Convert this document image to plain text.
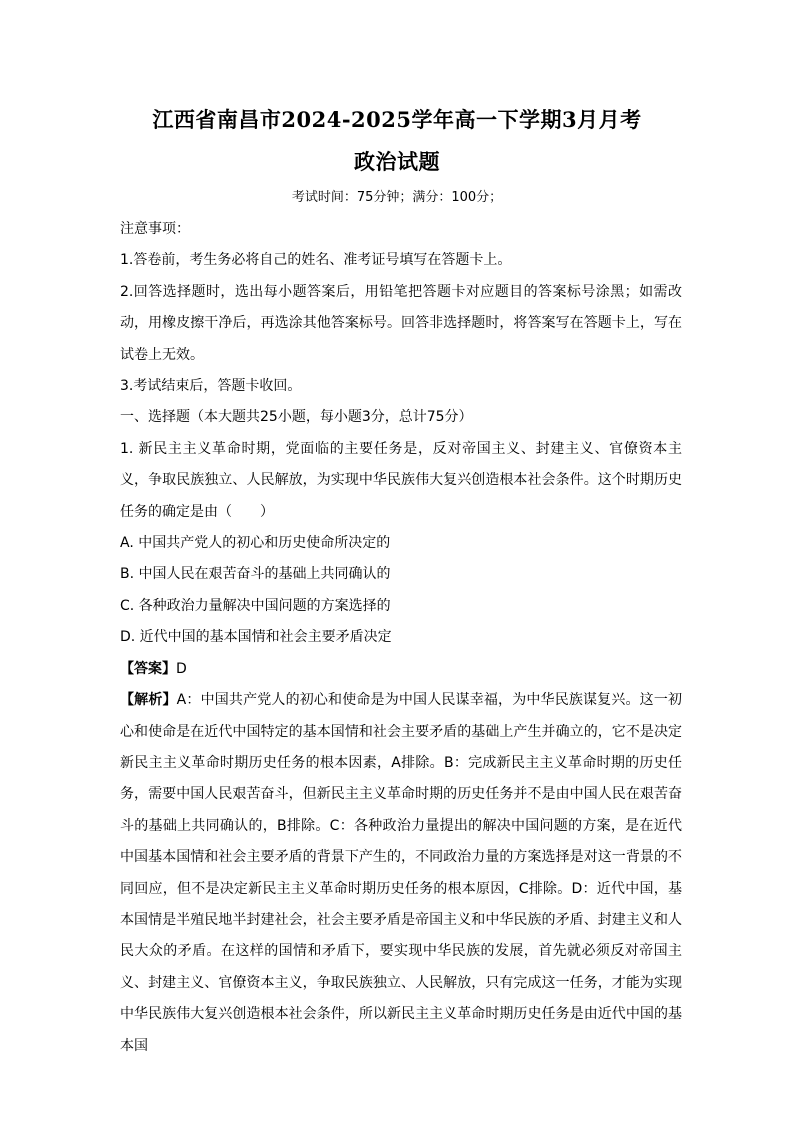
江西省南昌市2024-2025学年高一下学期3月月考
政治试题
考试时间：75分钟；满分：100分；

注意事项：

1.答卷前，考生务必将自己的姓名、准考证号填写在答题卡上。

2.回答选择题时，选出每小题答案后，用铅笔把答题卡对应题目的答案标号涂黑；如需改动，用橡皮擦干净后，再选涂其他答案标号。回答非选择题时，将答案写在答题卡上，写在试卷上无效。

3.考试结束后，答题卡收回。

一、选择题（本大题共25小题，每小题3分，总计75分）

1. 新民主主义革命时期，党面临的主要任务是，反对帝国主义、封建主义、官僚资本主义，争取民族独立、人民解放，为实现中华民族伟大复兴创造根本社会条件。这个时期历史任务的确定是由（　　）

A. 中国共产党人的初心和历史使命所决定的

B. 中国人民在艰苦奋斗的基础上共同确认的

C. 各种政治力量解决中国问题的方案选择的

D. 近代中国的基本国情和社会主要矛盾决定

【答案】D

【解析】A：中国共产党人的初心和使命是为中国人民谋幸福，为中华民族谋复兴。这一初心和使命是在近代中国特定的基本国情和社会主要矛盾的基础上产生并确立的，它不是决定新民主主义革命时期历史任务的根本因素，A排除。B：完成新民主主义革命时期的历史任务，需要中国人民艰苦奋斗，但新民主主义革命时期的历史任务并不是由中国人民在艰苦奋斗的基础上共同确认的，B排除。C：各种政治力量提出的解决中国问题的方案，是在近代中国基本国情和社会主要矛盾的背景下产生的，不同政治力量的方案选择是对这一背景的不同回应，但不是决定新民主主义革命时期历史任务的根本原因，C排除。D：近代中国，基本国情是半殖民地半封建社会，社会主要矛盾是帝国主义和中华民族的矛盾、封建主义和人民大众的矛盾。在这样的国情和矛盾下，要实现中华民族的发展，首先就必须反对帝国主义、封建主义、官僚资本主义，争取民族独立、人民解放，只有完成这一任务，才能为实现中华民族伟大复兴创造根本社会条件，所以新民主主义革命时期历史任务是由近代中国的基本国
